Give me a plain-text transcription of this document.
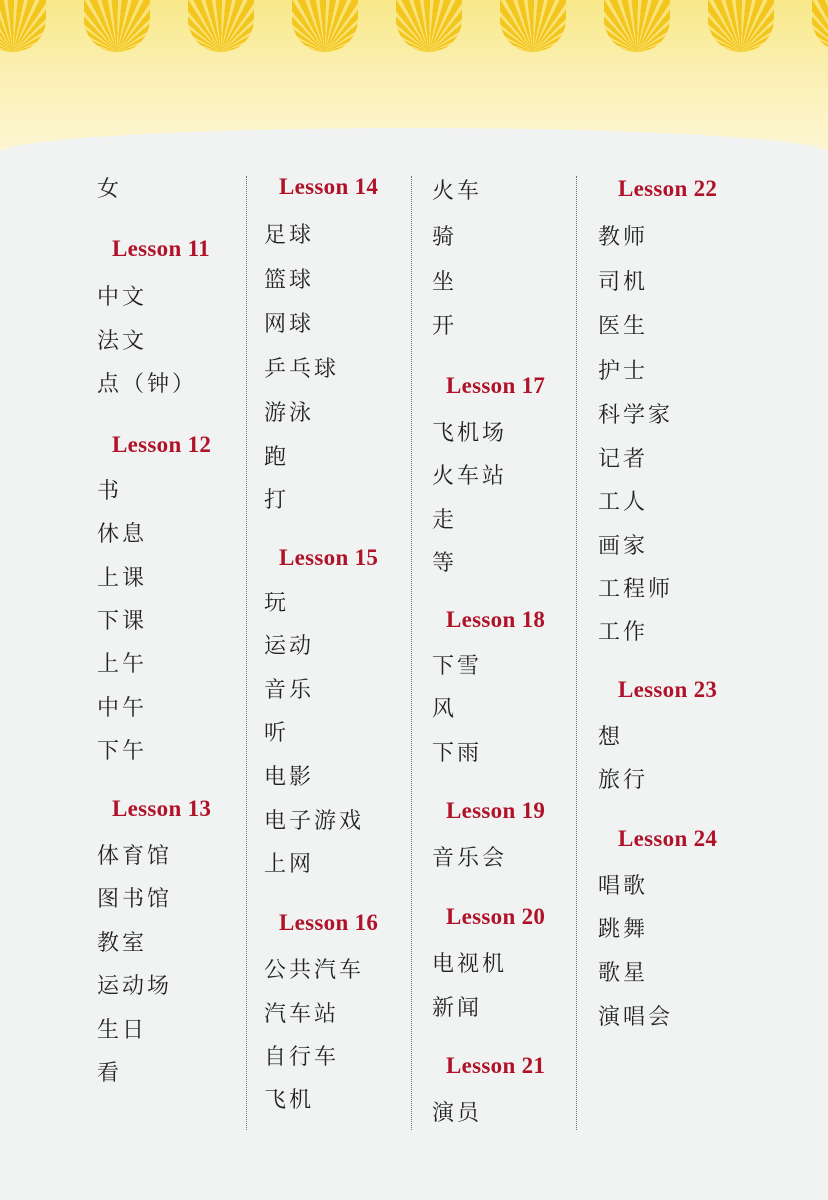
女
Lesson 11
中文
法文
点（钟）
Lesson 12
书
休息
上课
下课
上午
中午
下午
Lesson 13
体育馆
图书馆
教室
运动场
生日
看
Lesson 14
足球
篮球
网球
乒乓球
游泳
跑
打
Lesson 15
玩
运动
音乐
听
电影
电子游戏
上网
Lesson 16
公共汽车
汽车站
自行车
飞机
火车
骑
坐
开
Lesson 17
飞机场
火车站
走
等
Lesson 18
下雪
风
下雨
Lesson 19
音乐会
Lesson 20
电视机
新闻
Lesson 21
演员
Lesson 22
教师
司机
医生
护士
科学家
记者
工人
画家
工程师
工作
Lesson 23
想
旅行
Lesson 24
唱歌
跳舞
歌星
演唱会
